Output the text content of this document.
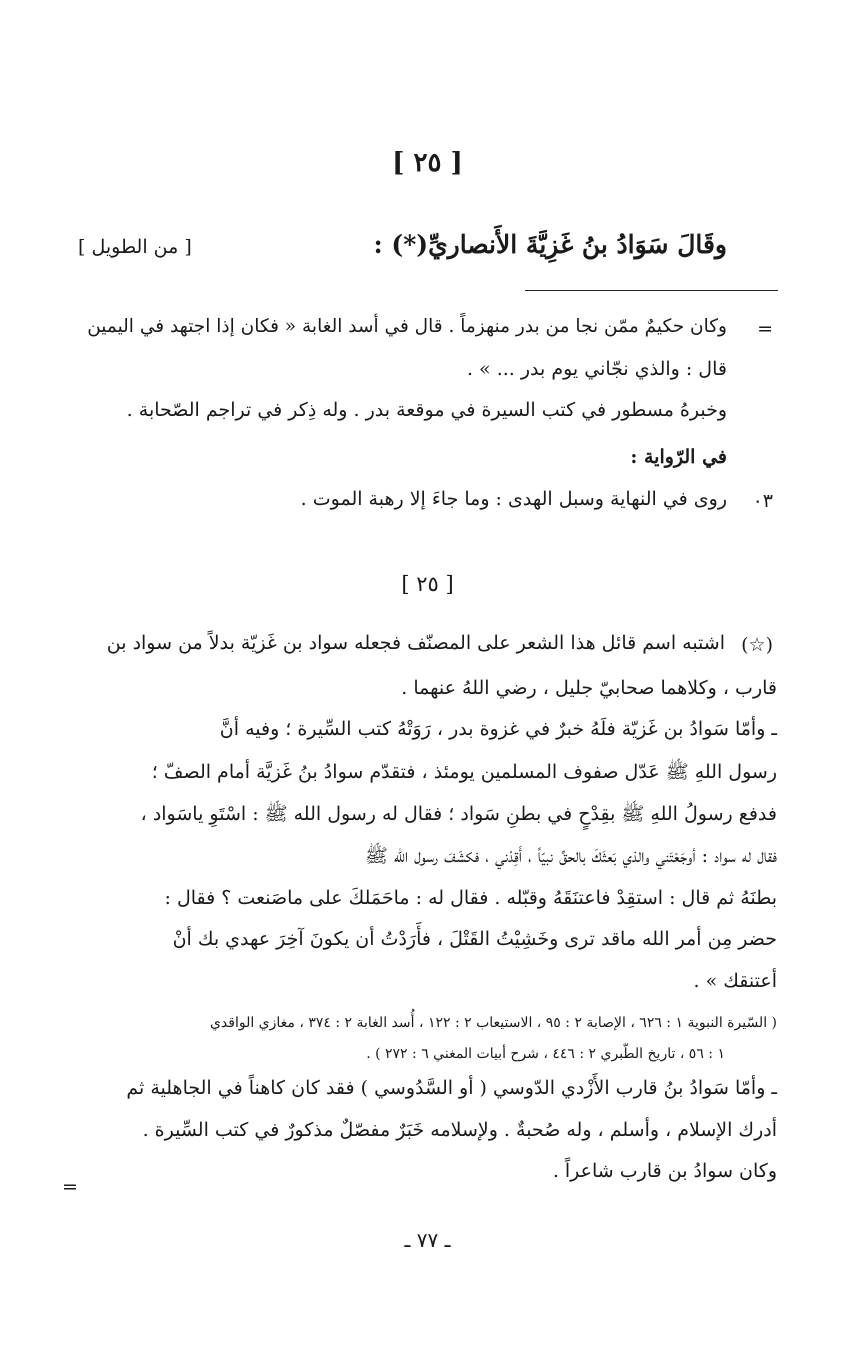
[ ٢٥ ]
وقَالَ سَوَادُ بنُ غَزِيَّةَ الأَنصاريِّ(*) :
[ من الطويل ]
=
وكان حكيمٌ ممّن نجا من بدر منهزماً . قال في أسد الغابة « فكان إذا اجتهد في اليمين
قال : والذي نجّاني يوم بدر ... » .
وخبرهُ مسطور في كتب السيرة في موقعة بدر . وله ذِكر في تراجم الصّحابة .
في الرّواية :
٠٣
روى في النهاية وسبل الهدى : وما جاءَ إلا رهبة الموت .
[ ٢٥ ]
(☆)
اشتبه اسم قائل هذا الشعر على المصنّف فجعله سواد بن غَزيّة بدلاً من سواد بن
قارب ، وكلاهما صحابيّ جليل ، رضي اللهُ عنهما .
ـ وأمّا سَوادُ بن غَزيّة فلَهُ خبرٌ في غزوة بدر ، رَوَتْهُ كتب السِّيرة ؛ وفيه أنَّ
رسول اللهِ ﷺ عَدّل صفوف المسلمين يومئذ ، فتقدّم سوادُ بنُ غَزيَّة أمام الصفّ ؛
فدفع رسولُ اللهِ ﷺ بقِدْحٍ في بطنِ سَواد ؛ فقال له رسول الله ﷺ : اسْتَوِ ياسَواد ،
فقال له سواد : أوجَعْتَني والذي بَعثَكَ بالحقِّ نبيّاً ، أَقِدْني ، فكشَفَ رسول الله ﷺ
بطنَهُ ثم قال : استقِدْ فاعتنَقَهُ وقبّله . فقال له : ماحَمَلكَ على ماصَنعت ؟ فقال :
حضر مِن أمر الله ماقد ترى وخَشِيْتُ القَتْلَ ، فأَرَدْتُ أن يكونَ آخِرَ عهدي بك أنْ
أعتنقك » .
( السّيرة النبوية ١ : ٦٢٦ ، الإصابة ٢ : ٩٥ ، الاستيعاب ٢ : ١٢٢ ، أُسد الغابة ٢ : ٣٧٤ ، مغازي الواقدي
١ : ٥٦ ، تاريخ الطّبري ٢ : ٤٤٦ ، شرح أبيات المغني ٦ : ٢٧٢ ) .
ـ وأمّا سَوادُ بنُ قارب الأَزْدي الدّوسي ( أو السَّدُوسي ) فقد كان كاهناً في الجاهلية ثم
أدرك الإسلام ، وأسلم ، وله صُحبةٌ . ولإسلامه خَبَرٌ مفصّلٌ مذكورٌ في كتب السِّيرة .
وكان سوادُ بن قارب شاعراً .
=
ـ ٧٧ ـ
